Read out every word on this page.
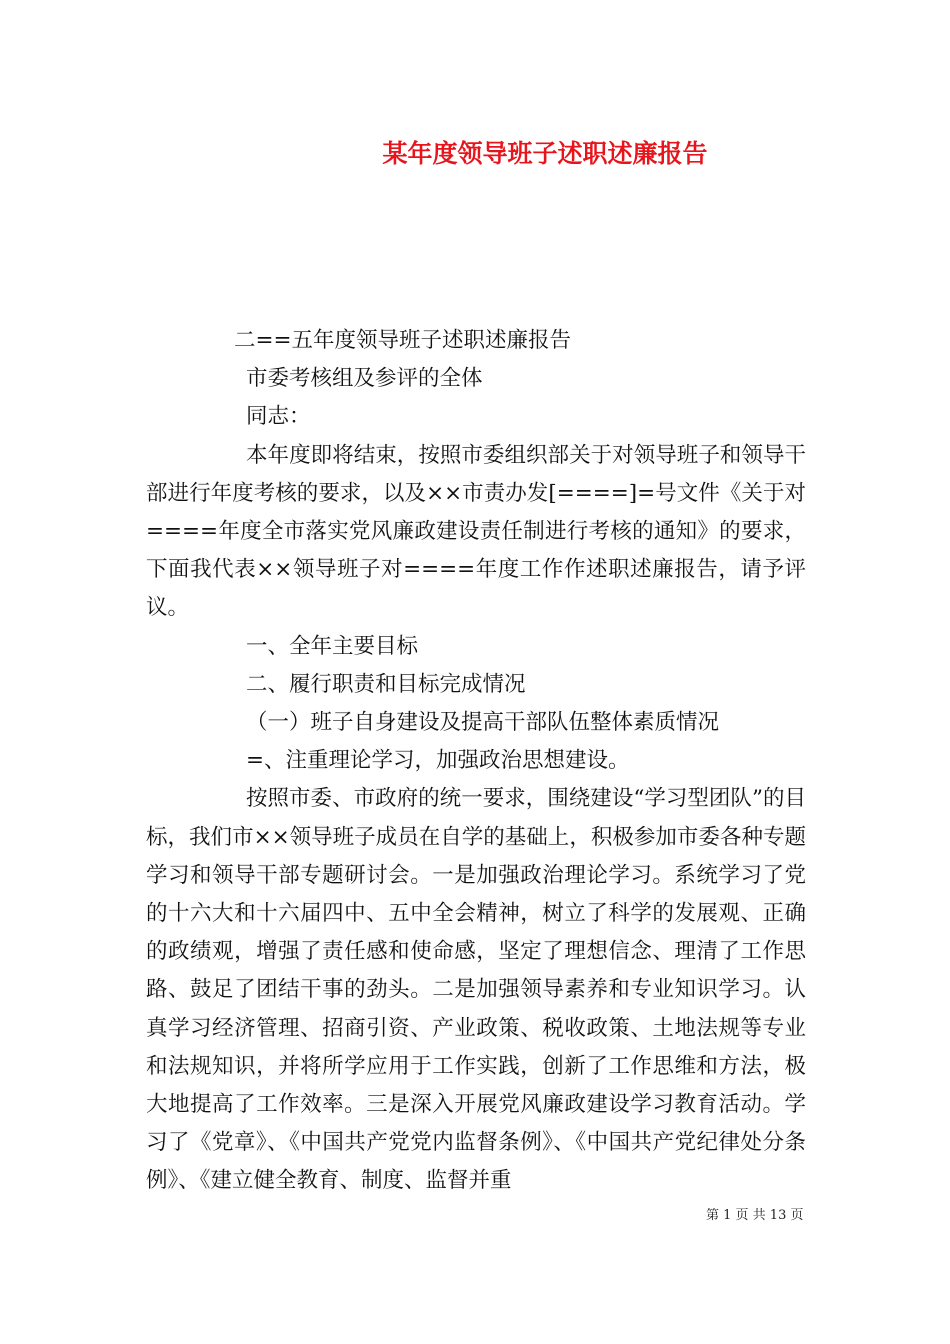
某年度领导班子述职述廉报告

二==五年度领导班子述职述廉报告

市委考核组及参评的全体

同志：

本年度即将结束，按照市委组织部关于对领导班子和领导干部进行年度考核的要求，以及××市责办发[====]=号文件《关于对====年度全市落实党风廉政建设责任制进行考核的通知》的要求，下面我代表××领导班子对====年度工作作述职述廉报告，请予评议。

一、全年主要目标

二、履行职责和目标完成情况

（一）班子自身建设及提高干部队伍整体素质情况

=、注重理论学习，加强政治思想建设。

按照市委、市政府的统一要求，围绕建设“学习型团队”的目标，我们市××领导班子成员在自学的基础上，积极参加市委各种专题学习和领导干部专题研讨会。一是加强政治理论学习。系统学习了党的十六大和十六届四中、五中全会精神，树立了科学的发展观、正确的政绩观，增强了责任感和使命感，坚定了理想信念、理清了工作思路、鼓足了团结干事的劲头。二是加强领导素养和专业知识学习。认真学习经济管理、招商引资、产业政策、税收政策、土地法规等专业和法规知识，并将所学应用于工作实践，创新了工作思维和方法，极大地提高了工作效率。三是深入开展党风廉政建设学习教育活动。学习了《党章》、《中国共产党党内监督条例》、《中国共产党纪律处分条例》、《建立健全教育、制度、监督并重

第 1 页 共 13 页
